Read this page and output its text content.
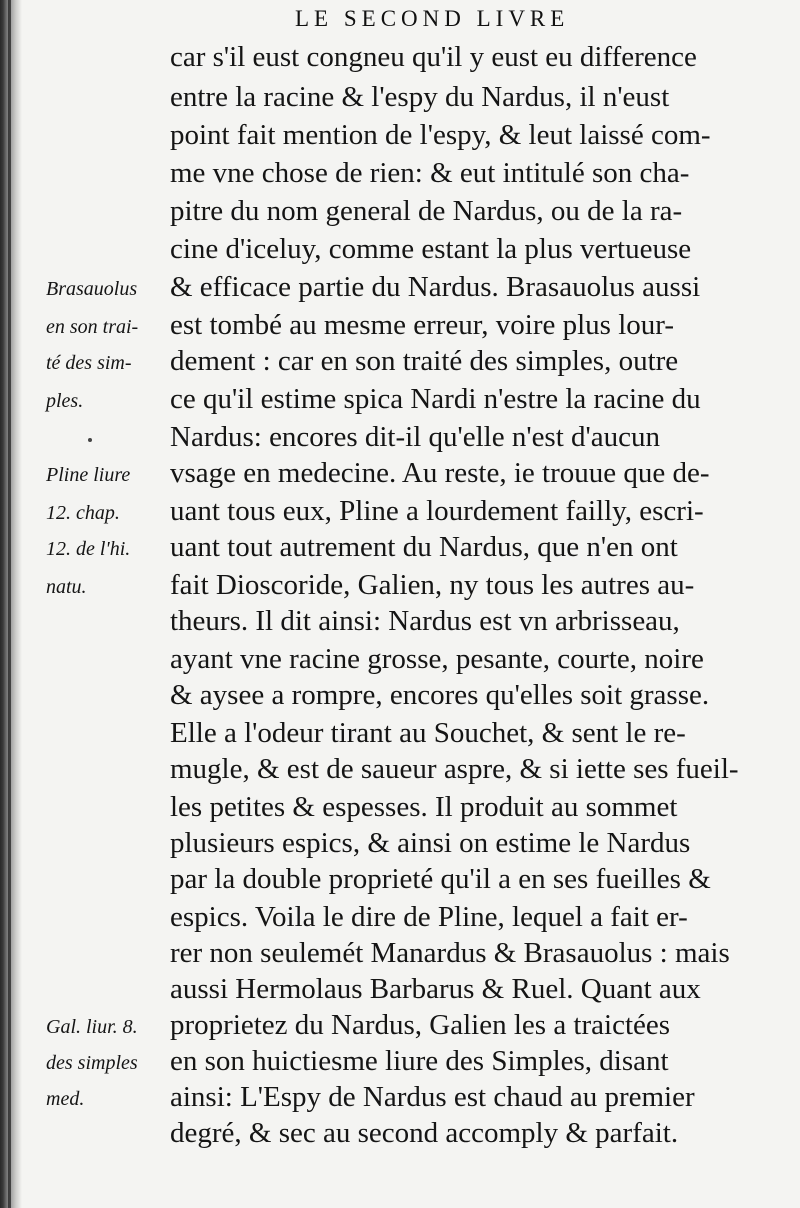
LE SECOND LIVRE
car s'il eust congneu qu'il y eust eu difference
entre la racine & l'espy du Nardus, il n'eust
point fait mention de l'espy, & leut laissé com-
me vne chose de rien: & eut intitulé son cha-
pitre du nom general de Nardus, ou de la ra-
cine d'iceluy, comme estant la plus vertueuse
& efficace partie du Nardus. Brasauolus aussi
est tombé au mesme erreur, voire plus lour-
dement : car en son traité des simples, outre
ce qu'il estime spica Nardi n'estre la racine du
Nardus: encores dit-il qu'elle n'est d'aucun
vsage en medecine. Au reste, ie trouue que de-
uant tous eux, Pline a lourdement failly, escri-
uant tout autrement du Nardus, que n'en ont
fait Dioscoride, Galien, ny tous les autres au-
theurs. Il dit ainsi: Nardus est vn arbrisseau,
ayant vne racine grosse, pesante, courte, noire
& aysee a rompre, encores qu'elles soit grasse.
Elle a l'odeur tirant au Souchet, & sent le re-
mugle, & est de saueur aspre, & si iette ses fueil-
les petites & espesses. Il produit au sommet
plusieurs espics, & ainsi on estime le Nardus
par la double proprieté qu'il a en ses fueilles &
espics. Voila le dire de Pline, lequel a fait er-
rer non seulemét Manardus & Brasauolus : mais
aussi Hermolaus Barbarus & Ruel. Quant aux
proprietez du Nardus, Galien les a traictées
en son huictiesme liure des Simples, disant
ainsi: L'Espy de Nardus est chaud au premier
degré, & sec au second accomply & parfait.
Brasauolus
en son trai-
té des sim-
ples.
Pline liure
12. chap.
12. de l'hi.
natu.
Gal. liur. 8.
des simples
med.
